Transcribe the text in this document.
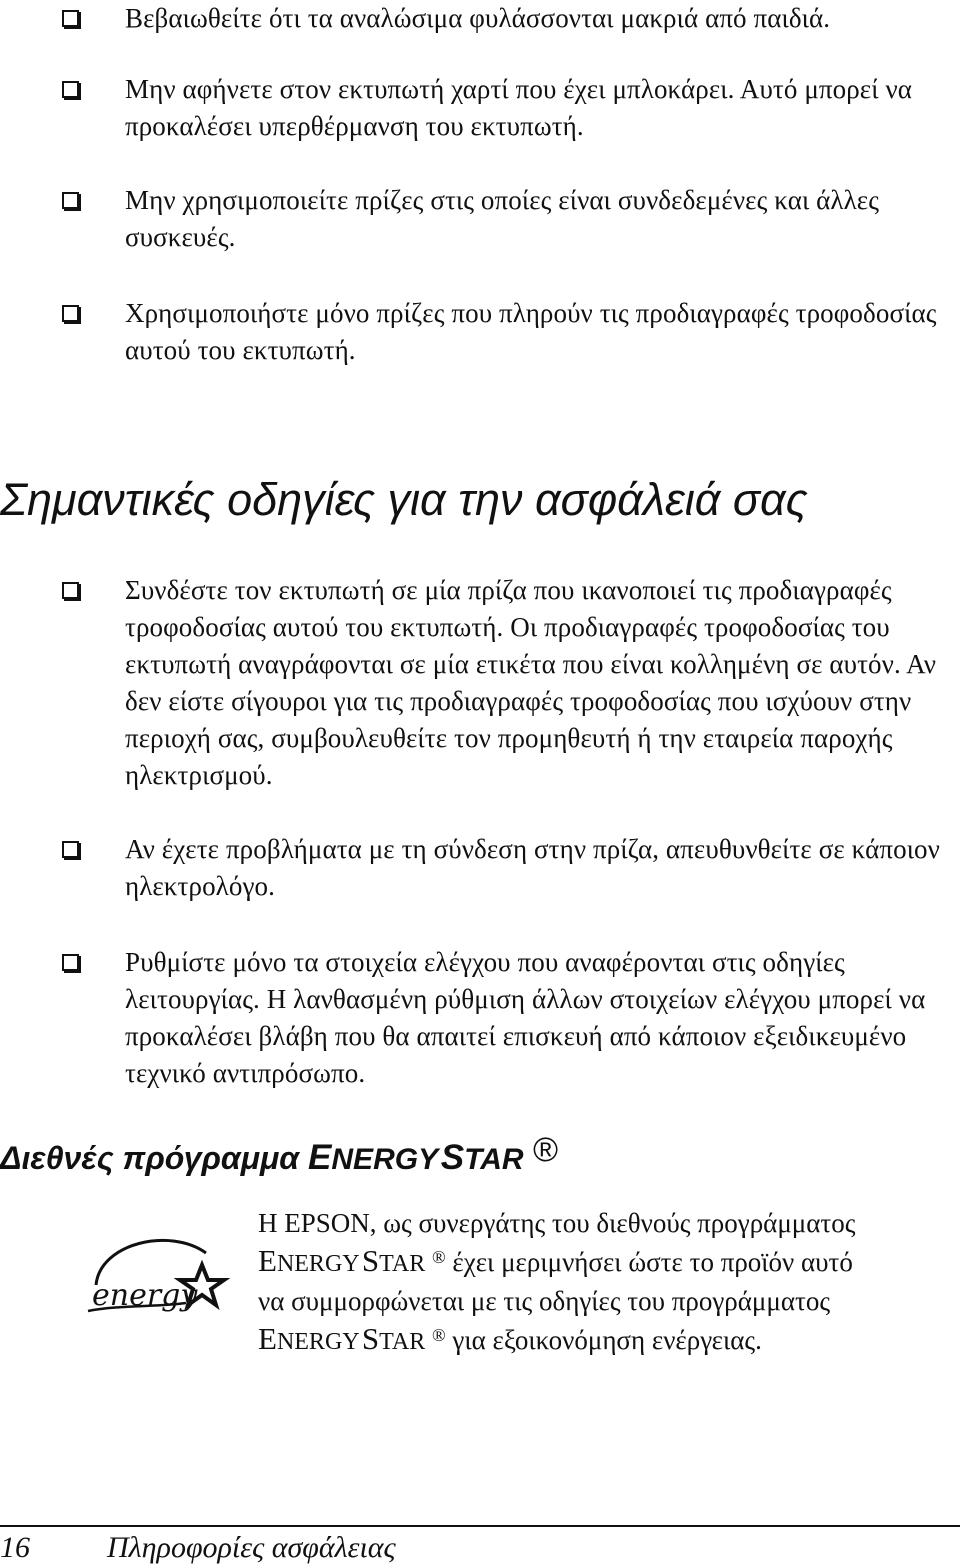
Βεβαιωθείτε ότι τα αναλώσιμα φυλάσσονται μακριά από παιδιά.
Μην αφήνετε στον εκτυπωτή χαρτί που έχει μπλοκάρει. Αυτό μπορεί να προκαλέσει υπερθέρμανση του εκτυπωτή.
Μην χρησιμοποιείτε πρίζες στις οποίες είναι συνδεδεμένες και άλλες συσκευές.
Χρησιμοποιήστε μόνο πρίζες που πληρούν τις προδιαγραφές τροφοδοσίας αυτού του εκτυπωτή.
Σημαντικές οδηγίες για την ασφάλειά σας
Συνδέστε τον εκτυπωτή σε μία πρίζα που ικανοποιεί τις προδιαγραφές τροφοδοσίας αυτού του εκτυπωτή. Οι προδιαγραφές τροφοδοσίας του εκτυπωτή αναγράφονται σε μία ετικέτα που είναι κολλημένη σε αυτόν. Αν δεν είστε σίγουροι για τις προδιαγραφές τροφοδοσίας που ισχύουν στην περιοχή σας, συμβουλευθείτε τον προμηθευτή ή την εταιρεία παροχής ηλεκτρισμού.
Αν έχετε προβλήματα με τη σύνδεση στην πρίζα, απευθυνθείτε σε κάποιον ηλεκτρολόγο.
Ρυθμίστε μόνο τα στοιχεία ελέγχου που αναφέρονται στις οδηγίες λειτουργίας. Η λανθασμένη ρύθμιση άλλων στοιχείων ελέγχου μπορεί να προκαλέσει βλάβη που θα απαιτεί επισκευή από κάποιον εξειδικευμένο τεχνικό αντιπρόσωπο.
Διεθνές πρόγραμμα ENERGY STAR ®
energy
Η EPSON, ως συνεργάτης του διεθνούς προγράμματος
ENERGY STAR ® έχει μεριμνήσει ώστε το προϊόν αυτό
να συμμορφώνεται με τις οδηγίες του προγράμματος
ENERGY STAR ® για εξοικονόμηση ενέργειας.
16	Πληροφορίες ασφάλειας
